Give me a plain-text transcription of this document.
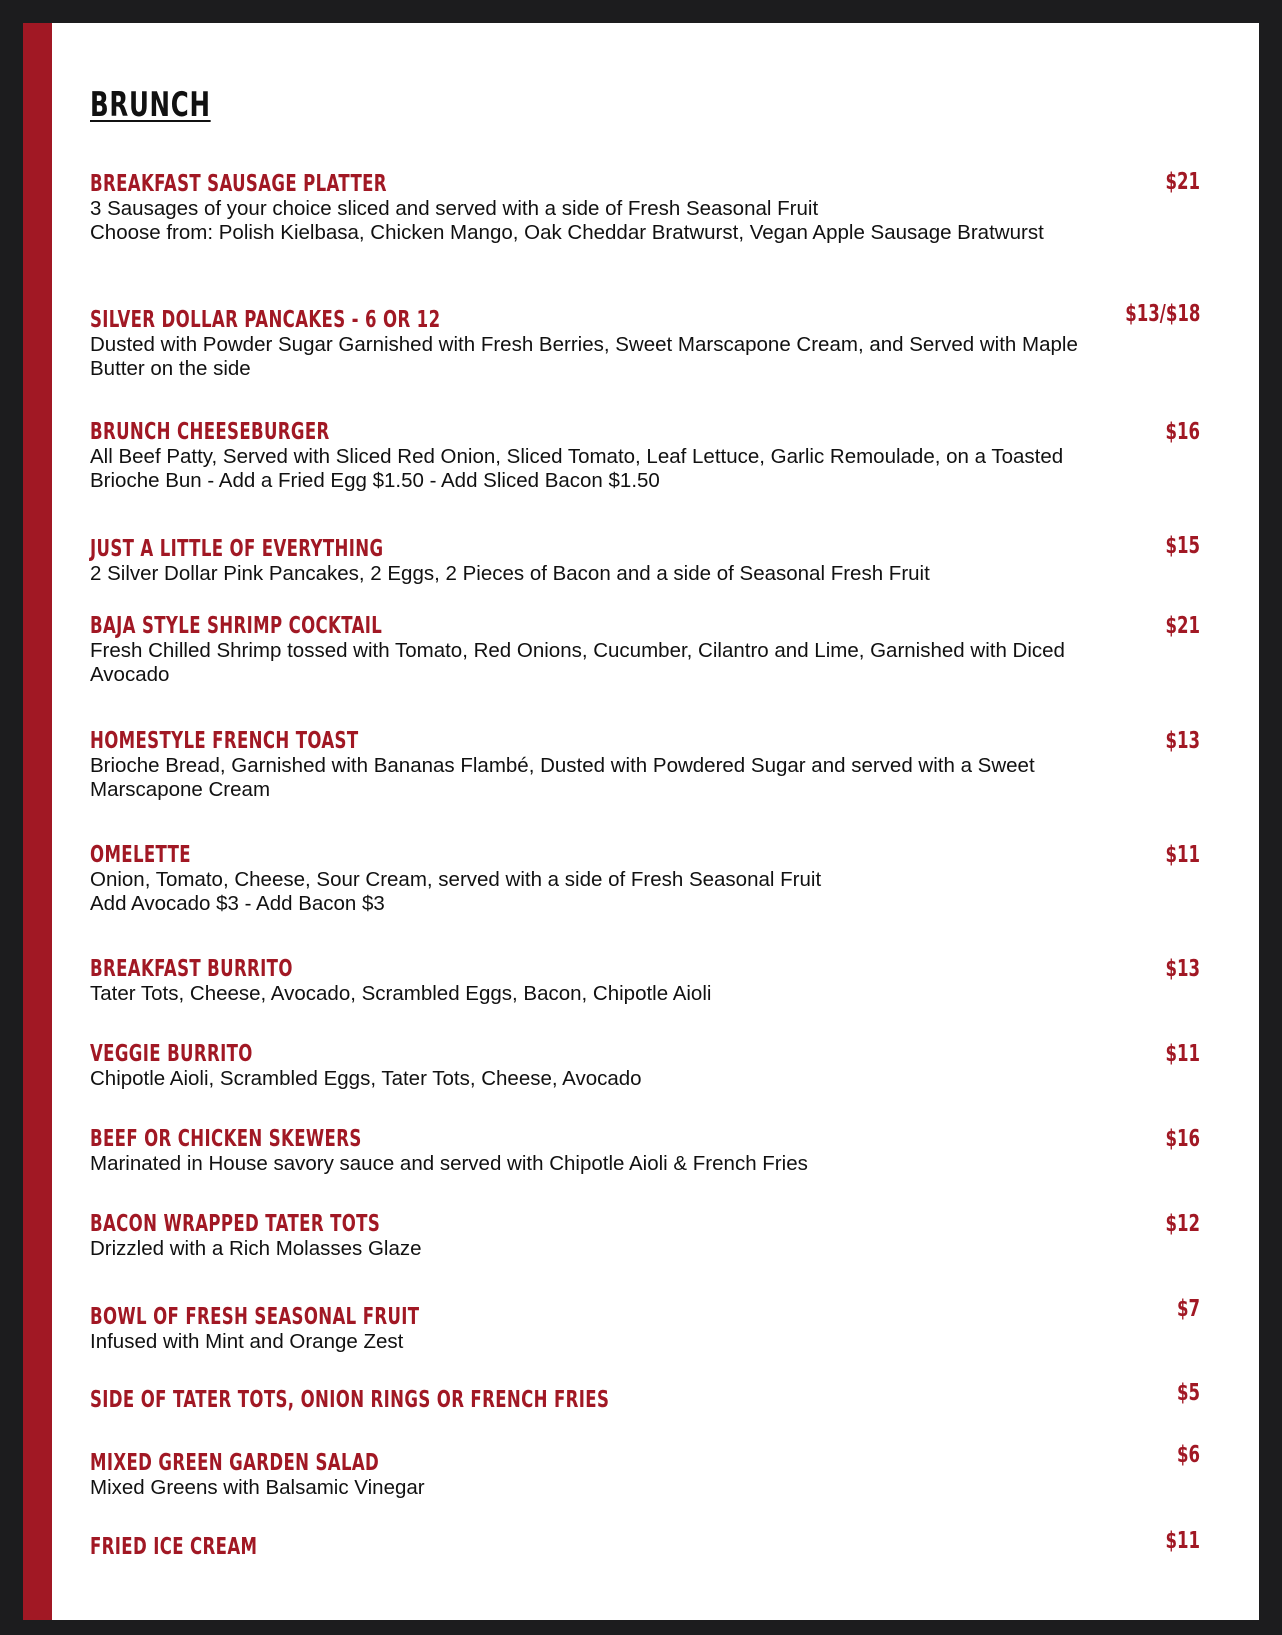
BRUNCH
$21
BREAKFAST SAUSAGE PLATTER
3 Sausages of your choice sliced and served with a side of Fresh Seasonal Fruit
Choose from: Polish Kielbasa, Chicken Mango, Oak Cheddar Bratwurst, Vegan Apple Sausage Bratwurst
$13/$18
SILVER DOLLAR PANCAKES - 6 OR 12
Dusted with Powder Sugar Garnished with Fresh Berries, Sweet Marscapone Cream, and Served with Maple Butter on the side
$16
BRUNCH CHEESEBURGER
All Beef Patty, Served with Sliced Red Onion, Sliced Tomato, Leaf Lettuce, Garlic Remoulade, on a Toasted Brioche Bun - Add a Fried Egg $1.50 - Add Sliced Bacon $1.50
$15
JUST A LITTLE OF EVERYTHING
2 Silver Dollar Pink Pancakes, 2 Eggs, 2 Pieces of Bacon and a side of Seasonal Fresh Fruit
$21
BAJA STYLE SHRIMP COCKTAIL
Fresh Chilled Shrimp tossed with Tomato, Red Onions, Cucumber, Cilantro and Lime, Garnished with Diced Avocado
$13
HOMESTYLE FRENCH TOAST
Brioche Bread, Garnished with Bananas Flambé, Dusted with Powdered Sugar and served with a Sweet Marscapone Cream
$11
OMELETTE
Onion, Tomato, Cheese, Sour Cream, served with a side of Fresh Seasonal Fruit
Add Avocado $3 - Add Bacon $3
$13
BREAKFAST BURRITO
Tater Tots, Cheese, Avocado, Scrambled Eggs, Bacon, Chipotle Aioli
$11
VEGGIE BURRITO
Chipotle Aioli, Scrambled Eggs, Tater Tots, Cheese, Avocado
$16
BEEF OR CHICKEN SKEWERS
Marinated in House savory sauce and served with Chipotle Aioli & French Fries
$12
BACON WRAPPED TATER TOTS
Drizzled with a Rich Molasses Glaze
$7
BOWL OF FRESH SEASONAL FRUIT
Infused with Mint and Orange Zest
$5
SIDE OF TATER TOTS, ONION RINGS OR FRENCH FRIES
$6
MIXED GREEN GARDEN SALAD
Mixed Greens with Balsamic Vinegar
$11
FRIED ICE CREAM
